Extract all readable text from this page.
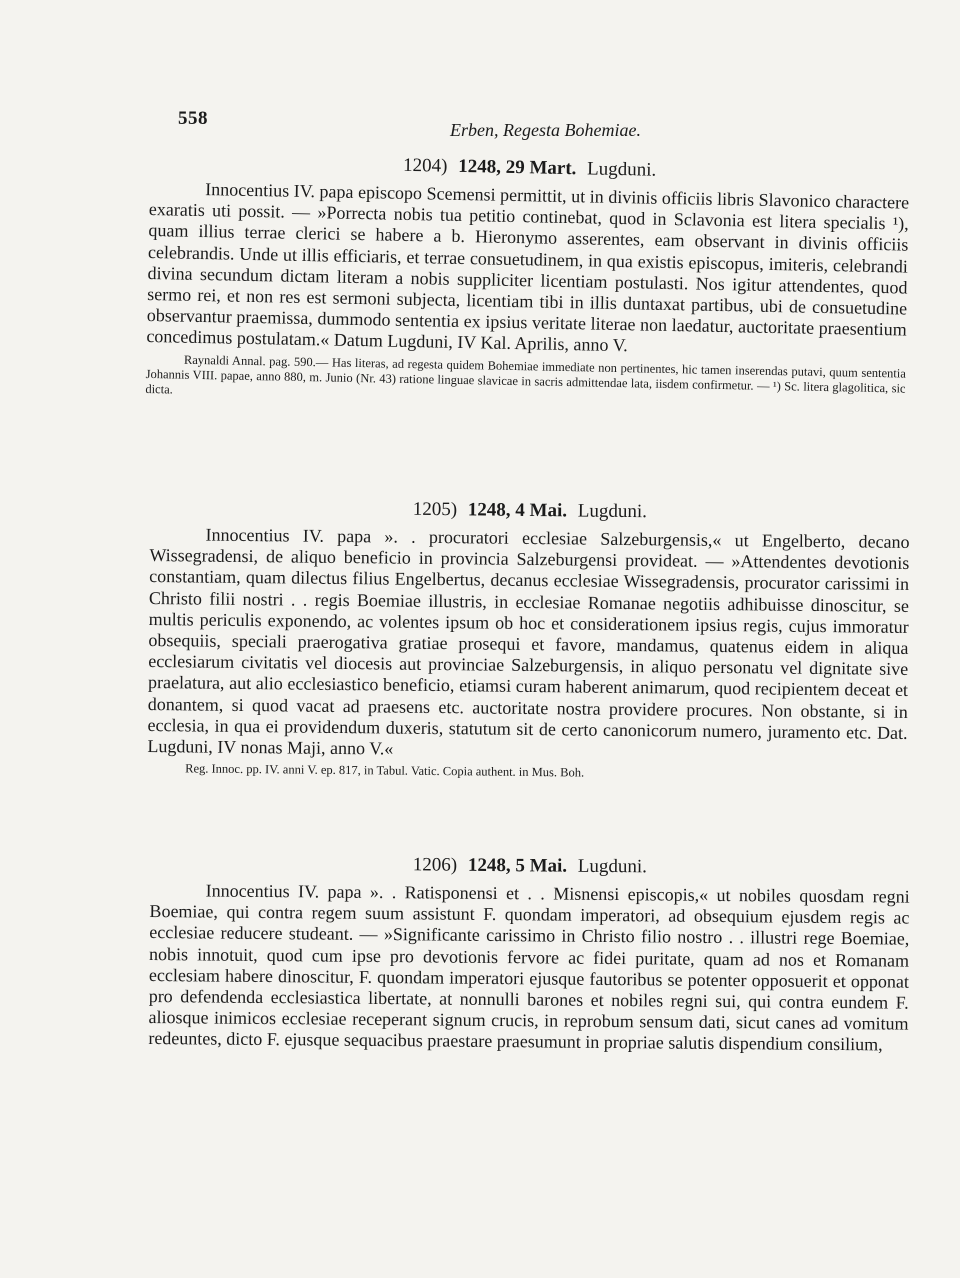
558
Erben, Regesta Bohemiae.

1204) 1248, 29 Mart. Lugduni.

Innocentius IV. papa episcopo Scemensi permittit, ut in divinis officiis libris Slavonico charactere exaratis uti possit. — »Porrecta nobis tua petitio continebat, quod in Sclavonia est litera specialis ¹), quam illius terrae clerici se habere a b. Hieronymo asserentes, eam observant in divinis officiis celebrandis. Unde ut illis efficiaris, et terrae consuetudinem, in qua existis episcopus, imiteris, celebrandi divina secundum dictam literam a nobis suppliciter licentiam postulasti. Nos igitur attendentes, quod sermo rei, et non res est sermoni subjecta, licentiam tibi in illis duntaxat partibus, ubi de consuetudine observantur praemissa, dummodo sententia ex ipsius veritate literae non laedatur, auctoritate praesentium concedimus postulatam.« Datum Lugduni, IV Kal. Aprilis, anno V.

Raynaldi Annal. pag. 590.— Has literas, ad regesta quidem Bohemiae immediate non pertinentes, hic tamen inserendas putavi, quum sententia Johannis VIII. papae, anno 880, m. Junio (Nr. 43) ratione linguae slavicae in sacris admittendae lata, iisdem confirmetur. — ¹) Sc. litera glagolitica, sic dicta.

1205) 1248, 4 Mai. Lugduni.

Innocentius IV. papa ». . procuratori ecclesiae Salzeburgensis,« ut Engelberto, decano Wissegradensi, de aliquo beneficio in provincia Salzeburgensi provideat. — »Attendentes devotionis constantiam, quam dilectus filius Engelbertus, decanus ecclesiae Wissegradensis, procurator carissimi in Christo filii nostri . . regis Boemiae illustris, in ecclesiae Romanae negotiis adhibuisse dinoscitur, se multis periculis exponendo, ac volentes ipsum ob hoc et considerationem ipsius regis, cujus immoratur obsequiis, speciali praerogativa gratiae prosequi et favore, mandamus, quatenus eidem in aliqua ecclesiarum civitatis vel diocesis aut provinciae Salzeburgensis, in aliquo personatu vel dignitate sive praelatura, aut alio ecclesiastico beneficio, etiamsi curam haberent animarum, quod recipientem deceat et donantem, si quod vacat ad praesens etc. auctoritate nostra providere procures. Non obstante, si in ecclesia, in qua ei providendum duxeris, statutum sit de certo canonicorum numero, juramento etc. Dat. Lugduni, IV nonas Maji, anno V.«

Reg. Innoc. pp. IV. anni V. ep. 817, in Tabul. Vatic. Copia authent. in Mus. Boh.

1206) 1248, 5 Mai. Lugduni.

Innocentius IV. papa ». . Ratisponensi et . . Misnensi episcopis,« ut nobiles quosdam regni Boemiae, qui contra regem suum assistunt F. quondam imperatori, ad obsequium ejusdem regis ac ecclesiae reducere studeant. — »Significante carissimo in Christo filio nostro . . illustri rege Boemiae, nobis innotuit, quod cum ipse pro devotionis fervore ac fidei puritate, quam ad nos et Romanam ecclesiam habere dinoscitur, F. quondam imperatori ejusque fautoribus se potenter opposuerit et opponat pro defendenda ecclesiastica libertate, at nonnulli barones et nobiles regni sui, qui contra eundem F. aliosque inimicos ecclesiae receperant signum crucis, in reprobum sensum dati, sicut canes ad vomitum redeuntes, dicto F. ejusque sequacibus praestare praesumunt in propriae salutis dispendium consilium,
